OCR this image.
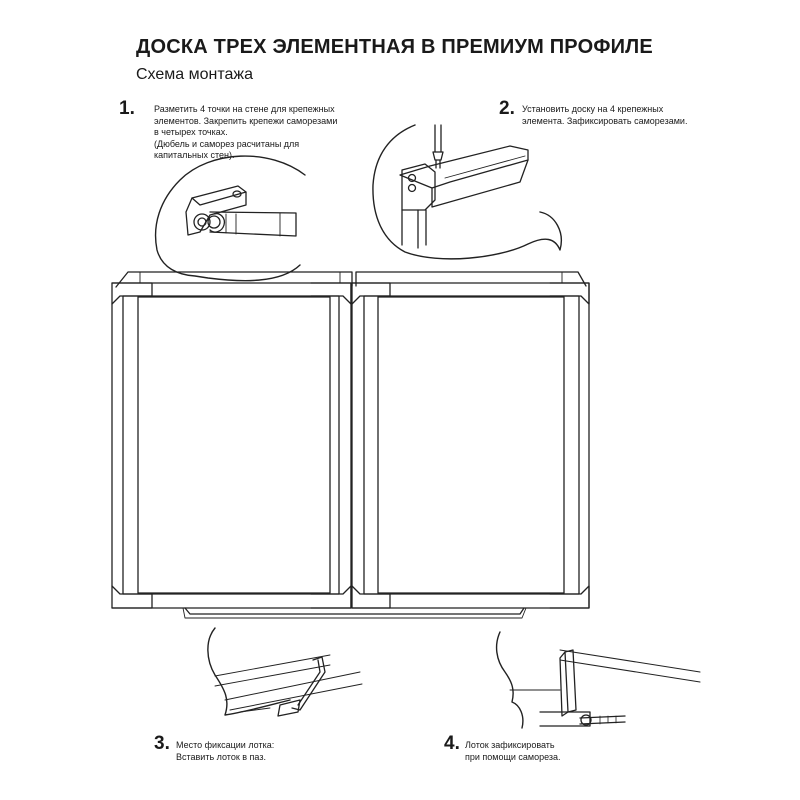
ДОСКА ТРЕХ ЭЛЕМЕНТНАЯ В ПРЕМИУМ ПРОФИЛЕ
Схема монтажа
1. Разметить 4 точки на стене для крепежных
элементов. Закрепить крепежи саморезами
в четырех точках.
(Дюбель и саморез расчитаны для
капитальных стен).
2. Установить доску на 4 крепежных
элемента. Зафиксировать саморезами.
3. Место фиксации лотка:
Вставить лоток в паз.
4. Лоток зафиксировать
при помощи самореза.
